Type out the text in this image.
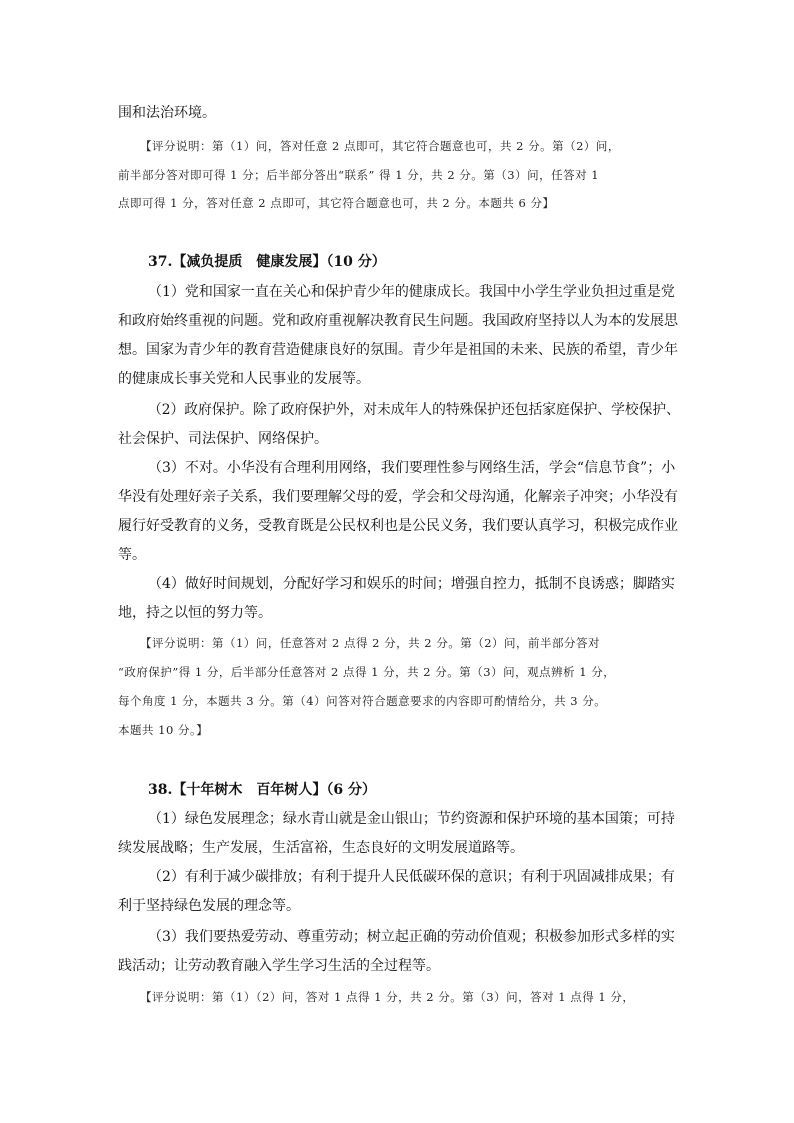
围和法治环境。
【评分说明：第（1）问，答对任意 2 点即可，其它符合题意也可，共 2 分。第（2）问，
前半部分答对即可得 1 分；后半部分答出“联系” 得 1 分，共 2 分。第（3）问，任答对 1
点即可得 1 分，答对任意 2 点即可，其它符合题意也可，共 2 分。本题共 6 分】
37.【减负提质　健康发展】（10 分）
（1）党和国家一直在关心和保护青少年的健康成长。我国中小学生学业负担过重是党
和政府始终重视的问题。党和政府重视解决教育民生问题。我国政府坚持以人为本的发展思
想。国家为青少年的教育营造健康良好的氛围。青少年是祖国的未来、民族的希望，青少年
的健康成长事关党和人民事业的发展等。
（2）政府保护。除了政府保护外，对未成年人的特殊保护还包括家庭保护、学校保护、
社会保护、司法保护、网络保护。
（3）不对。小华没有合理利用网络，我们要理性参与网络生活，学会“信息节食”；小
华没有处理好亲子关系，我们要理解父母的爱，学会和父母沟通，化解亲子冲突；小华没有
履行好受教育的义务，受教育既是公民权利也是公民义务，我们要认真学习，积极完成作业
等。
（4）做好时间规划，分配好学习和娱乐的时间；增强自控力，抵制不良诱惑；脚踏实
地，持之以恒的努力等。
【评分说明：第（1）问，任意答对 2 点得 2 分，共 2 分。第（2）问，前半部分答对
“政府保护”得 1 分，后半部分任意答对 2 点得 1 分，共 2 分。第（3）问，观点辨析 1 分，
每个角度 1 分，本题共 3 分。第（4）问答对符合题意要求的内容即可酌情给分，共 3 分。
本题共 10 分。】
38.【十年树木　百年树人】（6 分）
（1）绿色发展理念；绿水青山就是金山银山；节约资源和保护环境的基本国策；可持
续发展战略；生产发展，生活富裕，生态良好的文明发展道路等。
（2）有利于减少碳排放；有利于提升人民低碳环保的意识；有利于巩固减排成果；有
利于坚持绿色发展的理念等。
（3）我们要热爱劳动、尊重劳动；树立起正确的劳动价值观；积极参加形式多样的实
践活动；让劳动教育融入学生学习生活的全过程等。
【评分说明：第（1）（2）问，答对 1 点得 1 分，共 2 分。第（3）问，答对 1 点得 1 分，
